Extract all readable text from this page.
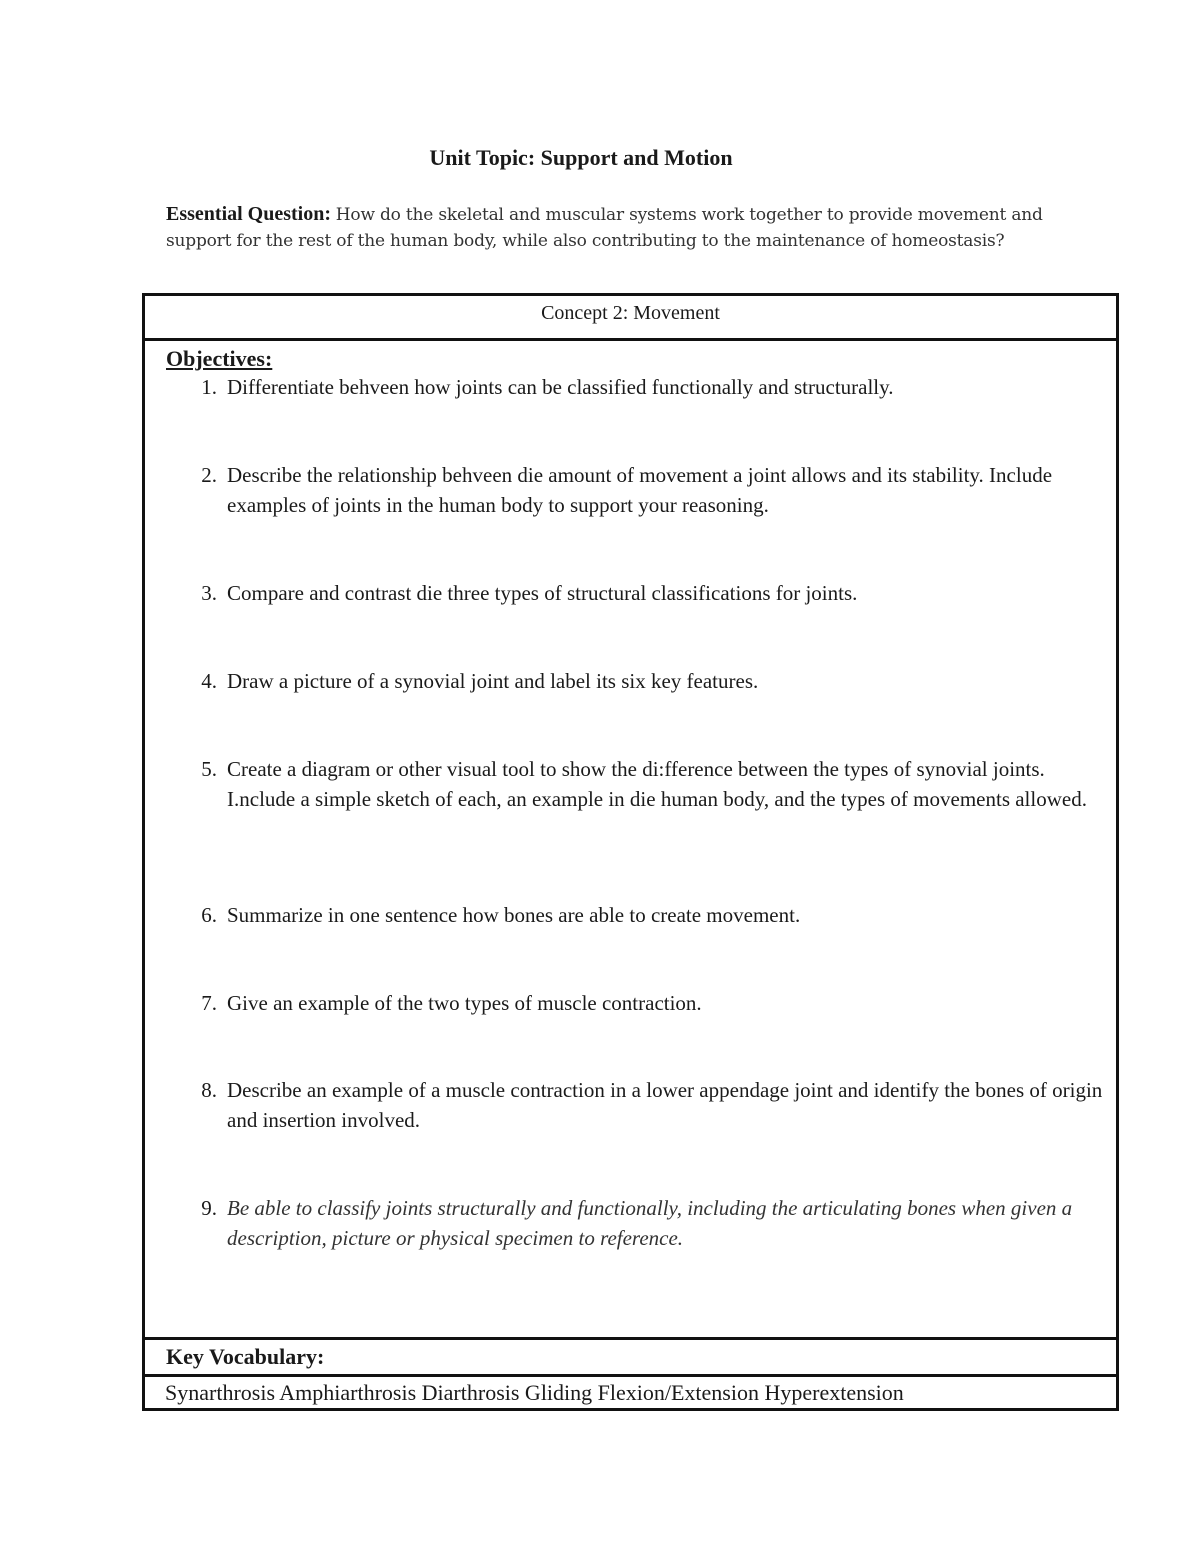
Unit Topic: Support and Motion
Essential Question: How do the skeletal and muscular systems work together to provide movement and support for the rest of the human body, while also contributing to the maintenance of homeostasis?
Concept 2: Movement
Objectives:
1. Differentiate behveen how joints can be classified functionally and structurally.
2. Describe the relationship behveen die amount of movement a joint allows and its stability. Include examples of joints in the human body to support your reasoning.
3. Compare and contrast die three types of structural classifications for joints.
4. Draw a picture of a synovial joint and label its six key features.
5. Create a diagram or other visual tool to show the di:fference between the types of synovial joints. I.nclude a simple sketch of each, an example in die human body, and the types of movements allowed.
6. Summarize in one sentence how bones are able to create movement.
7. Give an example of the two types of muscle contraction.
8. Describe an example of a muscle contraction in a lower appendage joint and identify the bones of origin and insertion involved.
9. Be able to classify joints structurally and functionally, including the articulating bones when given a description, picture or physical specimen to reference.
Key Vocabulary:
Synarthrosis Amphiarthrosis Diarthrosis Gliding Flexion/Extension Hyperextension
